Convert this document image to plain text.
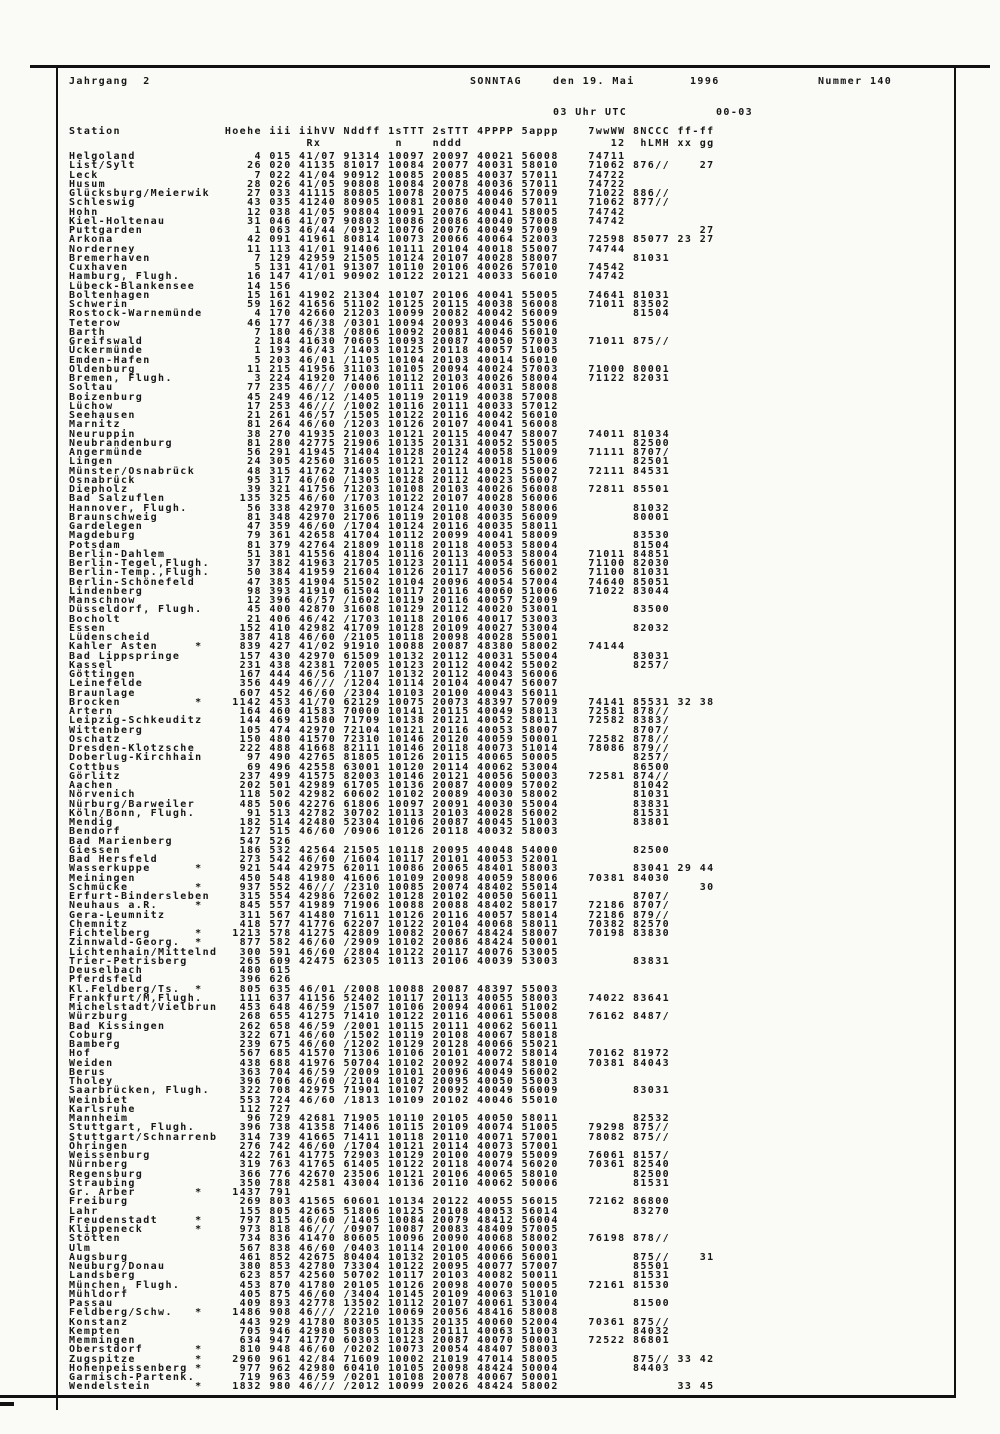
Jahrgang  2	SONNTAG	den 19. Mai	1996	Nummer 140
03 Uhr UTC	00-03
Station              Hoehe iii iihVV Nddff 1sTTT 2sTTT 4PPPP 5appp    7wwWW 8NCCC ff-ff
Rx          n    nddd                    12  hLMH xx gg
Helgoland                4 015 41/07 91314 10097 20097 40021 56008    74711
List/Sylt               26 020 41135 81017 10084 20077 40031 58010    71062 876//    27
Leck                     7 022 41/04 90912 10085 20085 40037 57011    74722
Husum                   28 026 41/05 90808 10084 20078 40036 57011    74722
Glücksburg/Meierwik     27 033 41115 80805 10078 20075 40046 57009    71022 886//
Schleswig               43 035 41240 80905 10081 20080 40040 57011    71062 877//
Hohn                    12 038 41/05 90804 10091 20076 40041 58005    74742
Kiel-Holtenau           31 046 41/07 90803 10086 20086 40040 57008    74742
Puttgarden               1 063 46/44 /0912 10076 20076 40049 57009                   27
Arkona                  42 091 41961 80814 10073 20066 40064 52003    72598 85077 23 27
Norderney               11 113 41/01 91406 10111 20104 40018 55007    74744
Bremerhaven              7 129 42959 21505 10124 20107 40028 58007          81031
Cuxhaven                 5 131 41/01 91307 10110 20106 40026 57010    74542
Hamburg, Flugh.         16 147 41/01 90902 10122 20121 40033 56010    74742
Lübeck-Blankensee       14 156
Boltenhagen             15 161 41902 21304 10107 20106 40041 55005    74641 81031
Schwerin                59 162 41656 51102 10125 20115 40038 56008    71011 83502
Rostock-Warnemünde       4 170 42660 21203 10099 20082 40042 56009          81504
Teterow                 46 177 46/38 /0301 10094 20093 40046 55006
Barth                    7 180 46/38 /0806 10092 20081 40046 56010
Greifswald               2 184 41630 70605 10093 20087 40050 57003    71011 875//
Ückermünde               1 193 46/43 /1403 10125 20118 40057 51005
Emden-Hafen              5 203 46/01 /1105 10104 20103 40014 56010
Oldenburg               11 215 41956 31103 10105 20094 40024 57003    71000 80001
Bremen, Flugh.           3 224 41920 71406 10112 20103 40026 58004    71122 82031
Soltau                  77 235 46/// /0000 10111 20106 40031 58008
Boizenburg              45 249 46/12 /1405 10119 20119 40038 57008
Lüchow                  17 253 46/// /1002 10116 20111 40033 57012
Seehausen               21 261 46/57 /1505 10122 20116 40042 56010
Marnitz                 81 264 46/60 /1203 10126 20107 40041 56008
Neuruppin               38 270 41935 21003 10121 20115 40047 58007    74011 81034
Neubrandenburg          81 280 42775 21906 10135 20131 40052 55005          82500
Angermünde              56 291 41945 71404 10128 20124 40058 51009    71111 8707/
Lingen                  24 305 42560 31605 10121 20112 40018 55006          82501
Münster/Osnabrück       48 315 41762 71403 10112 20111 40025 55002    72111 84531
Osnabrück               95 317 46/60 /1305 10128 20112 40023 56007
Diepholz                39 321 41756 71203 10108 20103 40026 56008    72811 85501
Bad Salzuflen          135 325 46/60 /1703 10122 20107 40028 56006
Hannover, Flugh.        56 338 42970 31605 10124 20110 40030 58006          81032
Braunschweig            81 348 42970 21706 10119 20108 40035 56009          80001
Gardelegen              47 359 46/60 /1704 10124 20116 40035 58011
Magdeburg               79 361 42658 41704 10112 20099 40041 58009          83530
Potsdam                 81 379 42764 21809 10118 20118 40053 58004          81504
Berlin-Dahlem           51 381 41556 41804 10116 20113 40053 58004    71011 84851
Berlin-Tegel,Flugh.     37 382 41963 21705 10123 20111 40054 56001    71100 82030
Berlin-Temp.,Flugh.     50 384 41959 21604 10126 20117 40056 56002    71100 81031
Berlin-Schönefeld       47 385 41904 51502 10104 20096 40054 57004    74640 85051
Lindenberg              98 393 41910 61504 10117 20116 40060 51006    71022 83044
Manschnow               12 396 46/57 /1602 10119 20116 40057 52009
Düsseldorf, Flugh.      45 400 42870 31608 10129 20112 40020 53001          83500
Bocholt                 21 406 46/42 /1703 10118 20106 40017 53003
Essen                  152 410 42982 41709 10128 20109 40027 53004          82032
Lüdenscheid            387 418 46/60 /2105 10118 20098 40028 55001
Kahler Asten     *     839 427 41/02 91910 10088 20087 48380 58002    74144
Bad Lippspringe        157 430 42970 61509 10132 20112 40031 55004          83031
Kassel                 231 438 42381 72005 10123 20112 40042 55002          8257/
Göttingen              167 444 46/56 /1107 10132 20112 40043 56006
Leinefelde             356 449 46/// /1204 10114 20104 40047 56007
Braunlage              607 452 46/60 /2304 10103 20100 40043 56011
Brocken          *    1142 453 41/70 62129 10075 20073 48397 57009    74141 85531 32 38
Artern                 164 460 41583 70000 10141 20115 40049 58013    72581 878//
Leipzig-Schkeuditz     144 469 41580 71709 10138 20121 40052 58011    72582 8383/
Wittenberg             105 474 42970 72104 10121 20116 40053 58007          8707/
Oschatz                150 480 41570 72310 10146 20120 40059 50001    72582 878//
Dresden-Klotzsche      222 488 41668 82111 10146 20118 40073 51014    78086 879//
Doberlug-Kirchhain      97 490 42765 81805 10126 20115 40065 50005          8257/
Cottbus                 69 496 42558 63001 10120 20114 40062 53004          86500
Görlitz                237 499 41575 82003 10146 20121 40056 50003    72581 874//
Aachen                 202 501 42989 61705 10136 20087 40009 57002          81042
Nörvenich              118 502 42982 60602 10102 20089 40030 58002          81031
Nürburg/Barweiler      485 506 42276 61806 10097 20091 40030 55004          83831
Köln/Bonn, Flugh.       91 513 42782 30702 10113 20103 40028 56002          81531
Mendig                 182 514 42480 52304 10106 20087 40045 51003          83801
Bendorf                127 515 46/60 /0906 10126 20118 40032 58003
Bad Marienberg         547 526
Giessen                186 532 42564 21505 10118 20095 40048 54000          82500
Bad Hersfeld           273 542 46/60 /1604 10117 20101 40053 52001
Wasserkuppe      *     921 544 42975 62011 10086 20065 48401 58003          83041 29 44
Meiningen              450 548 41980 41606 10109 20098 40059 58006    70381 84030
Schmücke         *     937 552 46/// /2310 10085 20074 48402 55014                   30
Erfurt-Bindersleben    315 554 42986 72602 10128 20102 40050 56011          8707/
Neuhaus a.R.     *     845 557 41989 71906 10088 20088 48402 58017    72186 8707/
Gera-Leumnitz          311 567 41480 71611 10126 20116 40057 58014    72186 879//
Chemnitz               418 577 41776 62207 10122 20104 40068 58011    70382 82570
Fichtelberg      *    1213 578 41275 42809 10082 20067 48424 58007    70198 83830
Zinnwald-Georg.  *     877 582 46/60 /2909 10102 20086 48424 50001
Lichtenhain/Mittelnd   300 591 46/60 /2804 10122 20117 40076 53005
Trier-Petrisberg       265 609 42475 62305 10113 20106 40039 53003          83831
Deuselbach             480 615
Pferdsfeld             396 626
Kl.Feldberg/Ts.  *     805 635 46/01 /2008 10088 20087 48397 55003
Frankfurt/M,Flugh.     111 637 41156 52402 10117 20113 40055 58003    74022 83641
Michelstadt/Vielbrun   453 648 46/59 /1507 10106 20094 40061 51002
Würzburg               268 655 41275 71410 10122 20116 40061 55008    76162 8487/
Bad Kissingen          262 658 46/59 /2001 10115 20111 40062 56011
Coburg                 322 671 46/60 /1502 10119 20108 40067 58018
Bamberg                239 675 46/60 /1202 10129 20128 40066 55021
Hof                    567 685 41570 71306 10106 20101 40072 58014    70162 81972
Weiden                 438 688 41976 50704 10102 20092 40074 58010    70381 84043
Berus                  363 704 46/59 /2009 10101 20096 40049 56002
Tholey                 396 706 46/60 /2104 10102 20095 40050 55003
Saarbrücken, Flugh.    322 708 42975 71901 10107 20092 40049 56009          83031
Weinbiet               553 724 46/60 /1813 10109 20102 40046 55010
Karlsruhe              112 727
Mannheim                96 729 42681 71905 10110 20105 40050 58011          82532
Stuttgart, Flugh.      396 738 41358 71406 10115 20109 40074 51005    79298 875//
Stuttgart/Schnarrenb   314 739 41665 71411 10118 20110 40071 57001    78082 875//
Öhringen               276 742 46/60 /1704 10121 20114 40073 57001
Weissenburg            422 761 41775 72903 10129 20100 40079 55009    76061 8157/
Nürnberg               319 763 41765 61405 10122 20118 40074 56020    70361 82540
Regensburg             366 776 42670 23506 10121 20106 40065 58010          82500
Straubing              350 788 42581 43004 10136 20110 40062 50006          81531
Gr. Arber        *    1437 791
Freiburg               269 803 41565 60601 10134 20122 40055 56015    72162 86800
Lahr                   155 805 42665 51806 10125 20108 40053 56014          83270
Freudenstadt     *     797 815 46/60 /1405 10084 20079 48412 56004
Klippeneck       *     973 818 46/// /0907 10087 20083 48409 57005
Stötten                734 836 41470 80605 10096 20090 40068 58002    76198 878//
Ulm                    567 838 46/60 /0403 10114 20100 40066 50003
Augsburg               461 852 42675 80404 10132 20105 40066 56001          875//    31
Neuburg/Donau          380 853 42780 73304 10122 20095 40077 57007          85501
Landsberg              623 857 42560 50702 10117 20103 40082 50011          81531
München, Flugh.        453 870 41780 20105 10126 20098 40070 50005    72161 81530
Mühldorf               405 875 46/60 /3404 10145 20109 40063 51010
Passau                 409 893 42778 13502 10112 20107 40061 53004          81500
Feldberg/Schw.   *    1486 908 46/// /2210 10069 20056 48416 58008
Konstanz               443 929 41780 80305 10135 20135 40060 52004    70361 875//
Kempten                705 946 42980 50805 10128 20111 40063 51003          84032
Memmingen              634 947 41770 60303 10123 20087 40070 50001    72522 86801
Oberstdorf       *     810 948 46/60 /0202 10073 20054 48407 58003
Zugspitze        *    2960 961 42/84 71609 10002 21019 47014 58005          875// 33 42
Hohenpeissenberg *     977 962 42980 60410 10105 20098 48424 50004          84403
Garmisch-Partenk.      719 963 46/59 /0201 10108 20078 40067 50001
Wendelstein      *    1832 980 46/// /2012 10099 20026 48424 58002                33 45
